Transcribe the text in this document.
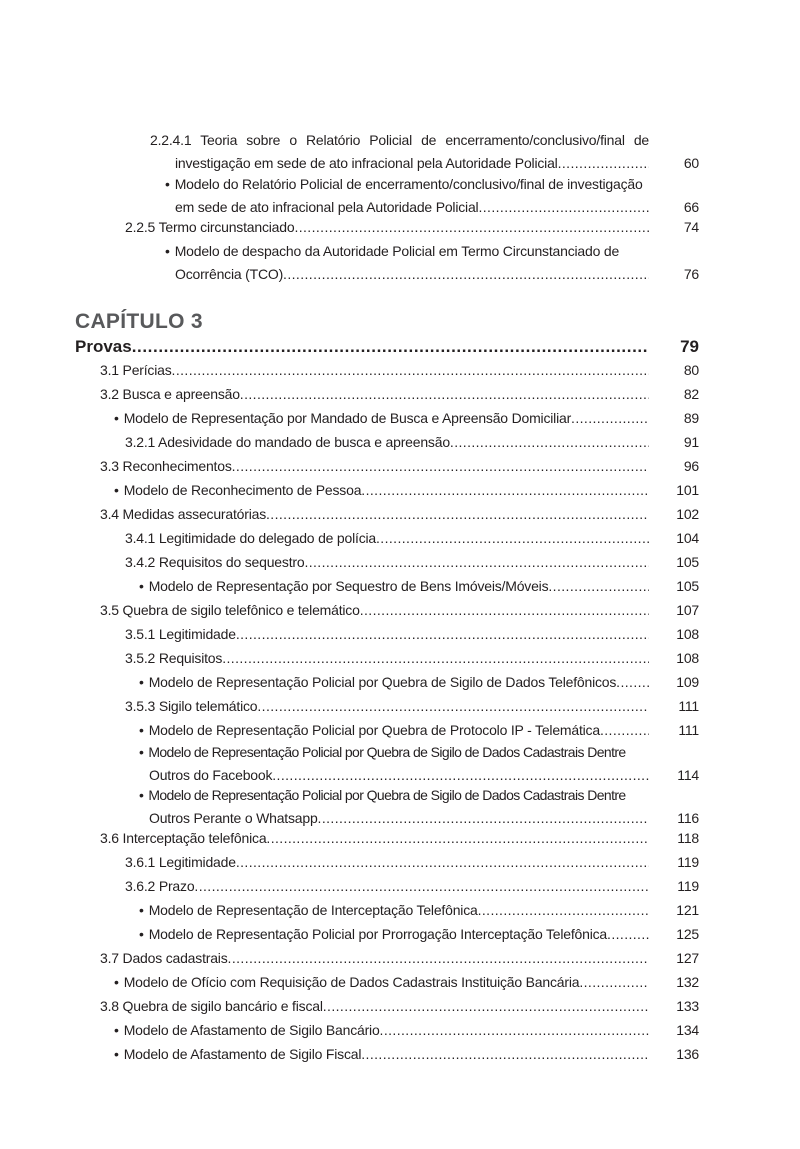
2.2.4.1 Teoria sobre o Relatório Policial de encerramento/conclusivo/final de
investigação em sede de ato infracional pela Autoridade Policial .....	60
• Modelo do Relatório Policial de encerramento/conclusivo/final de investigação
em sede de ato infracional pela Autoridade Policial .....	66
2.2.5 Termo circunstanciado .....	74
• Modelo de despacho da Autoridade Policial em Termo Circunstanciado de
Ocorrência (TCO) .....	76
CAPÍTULO 3
Provas .....	79
3.1 Perícias .....	80
3.2 Busca e apreensão .....	82
• Modelo de Representação por Mandado de Busca e Apreensão Domiciliar .....	89
3.2.1 Adesividade do mandado de busca e apreensão .....	91
3.3 Reconhecimentos .....	96
• Modelo de Reconhecimento de Pessoa .....	101
3.4 Medidas assecuratórias .....	102
3.4.1 Legitimidade do delegado de polícia .....	104
3.4.2 Requisitos do sequestro .....	105
• Modelo de Representação por Sequestro de Bens Imóveis/Móveis .....	105
3.5 Quebra de sigilo telefônico e telemático .....	107
3.5.1 Legitimidade .....	108
3.5.2 Requisitos .....	108
• Modelo de Representação Policial por Quebra de Sigilo de Dados Telefônicos .....	109
3.5.3 Sigilo telemático .....	111
• Modelo de Representação Policial por Quebra de Protocolo IP - Telemática .....	111
• Modelo de Representação Policial por Quebra de Sigilo de Dados Cadastrais Dentre
Outros do Facebook .....	114
• Modelo de Representação Policial por Quebra de Sigilo de Dados Cadastrais Dentre
Outros Perante o Whatsapp .....	116
3.6 Interceptação telefônica .....	118
3.6.1 Legitimidade .....	119
3.6.2 Prazo .....	119
• Modelo de Representação de Interceptação Telefônica .....	121
• Modelo de Representação Policial por Prorrogação Interceptação Telefônica .....	125
3.7 Dados cadastrais .....	127
• Modelo de Ofício com Requisição de Dados Cadastrais Instituição Bancária .....	132
3.8 Quebra de sigilo bancário e fiscal .....	133
• Modelo de Afastamento de Sigilo Bancário .....	134
• Modelo de Afastamento de Sigilo Fiscal .....	136
